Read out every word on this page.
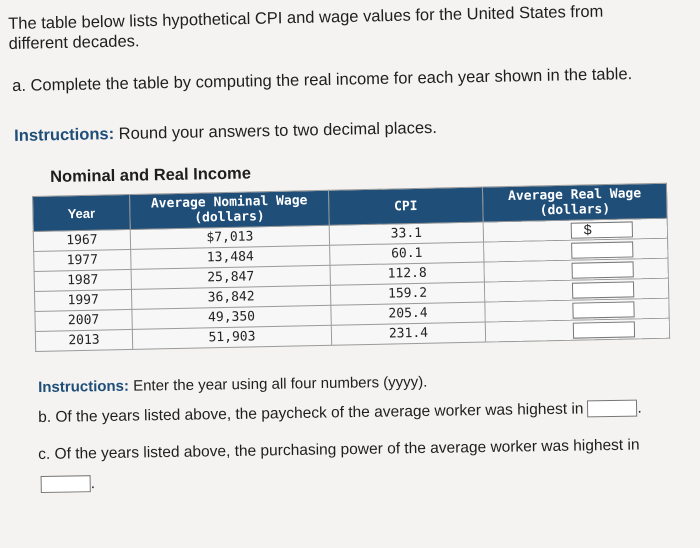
The table below lists hypothetical CPI and wage values for the United States from different decades.
a. Complete the table by computing the real income for each year shown in the table.
Instructions: Round your answers to two decimal places.
Nominal and Real Income
Year	Average Nominal Wage (dollars)	CPI	Average Real Wage (dollars)
1967	$7,013	33.1	$

1977	13,484	60.1	
1987	25,847	112.8	
1997	36,842	159.2	
2007	49,350	205.4	
2013	51,903	231.4	
Instructions: Enter the year using all four numbers (yyyy).
b. Of the years listed above, the paycheck of the average worker was highest in	.
c. Of the years listed above, the purchasing power of the average worker was highest in
.
